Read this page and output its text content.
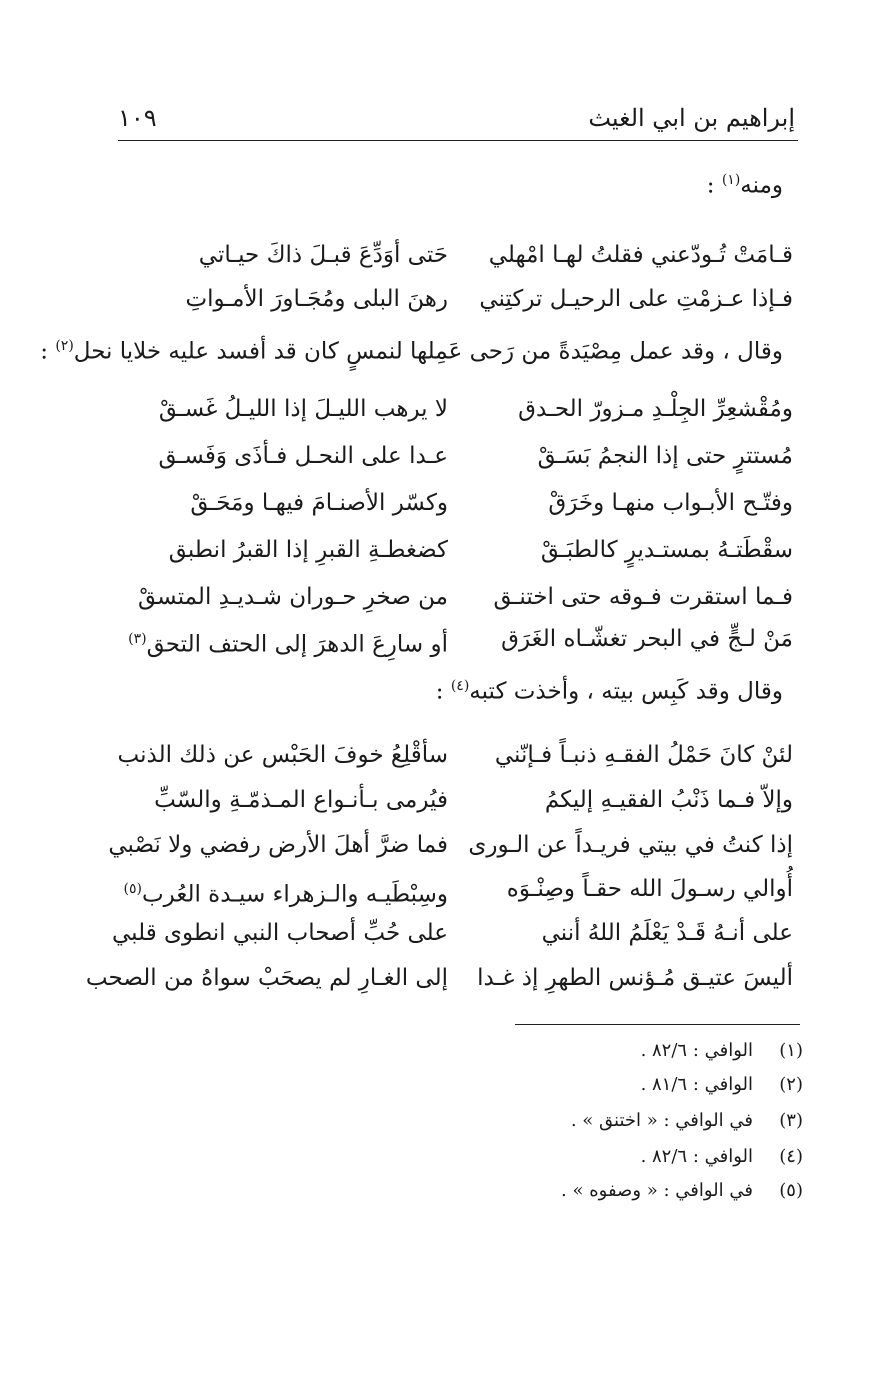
إبراهيم بن ابي الغيث
١٠٩
ومنه$^{(١)}$ :
قـامَتْ تُـودّعني فقلتُ لهـا امْهلي
حَتى أوَدِّعَ قبـلَ ذاكَ حيـاتي
فـإذا عـزمْتِ على الرحيـل تركتِني
رهنَ البلى ومُجَـاورَ الأمـواتِ
وقال ، وقد عمل مِصْيَدةً من رَحى عَمِلها لنمسٍ كان قد أفسد عليه خلايا نحل$^{(٢)}$ :
ومُقْشعِرِّ الجِلْـدِ مـزورّ الحـدق
لا يرهب الليـلَ إذا الليـلُ غَسـقْ
مُستترٍ حتى إذا النجمُ بَسَـقْ
عـدا على النحـل فـأذَى وَفَسـق
وفتّـح الأبـواب منهـا وخَرَقْ
وكسّر الأصنـامَ فيهـا ومَحَـقْ
سقْطَتـهُ بمستـديرٍ كالطبَـقْ
كضغطـةِ القبرِ إذا القبرُ انطبق
فـما استقرت فـوقه حتى اختنـق
من صخرِ حـوران شـديـدِ المتسقْ
مَنْ لـجٍّ في البحر تغشّـاه الغَرَق
أو سارِعَ الدهرَ إلى الحتف التحق$^{(٣)}$
وقال وقد كَبِس بيته ، وأخذت كتبه$^{(٤)}$ :
لئنْ كانَ حَمْلُ الفقـهِ ذنبـاً فـإنّني
سأقْلِعُ خوفَ الحَبْس عن ذلك الذنب
وإلاّ فـما ذَنْبُ الفقيـهِ إليكمُ
فيُرمى بـأنـواع المـذمّـةِ والسّبِّ
إذا كنتُ في بيتي فريـداً عن الـورى
فما ضرَّ أهلَ الأرض رفضي ولا نَصْبي
أُوالي رسـولَ الله حقـاً وصِنْـوَه
وسِبْطَيـه والـزهراء سيـدة العُرب$^{(٥)}$
على أنـهُ قَـدْ يَعْلَمُ اللهُ أنني
على حُبِّ أصحاب النبي انطوى قلبي
أليسَ عتيـق مُـؤنس الطهرِ إذ غـدا
إلى الغـارِ لم يصحَبْ سواهُ من الصحب
(١)الوافي : ٨٢/٦ .
(٢)الوافي : ٨١/٦ .
(٣)في الوافي : « اختنق » .
(٤)الوافي : ٨٢/٦ .
(٥)في الوافي : « وصفوه » .
